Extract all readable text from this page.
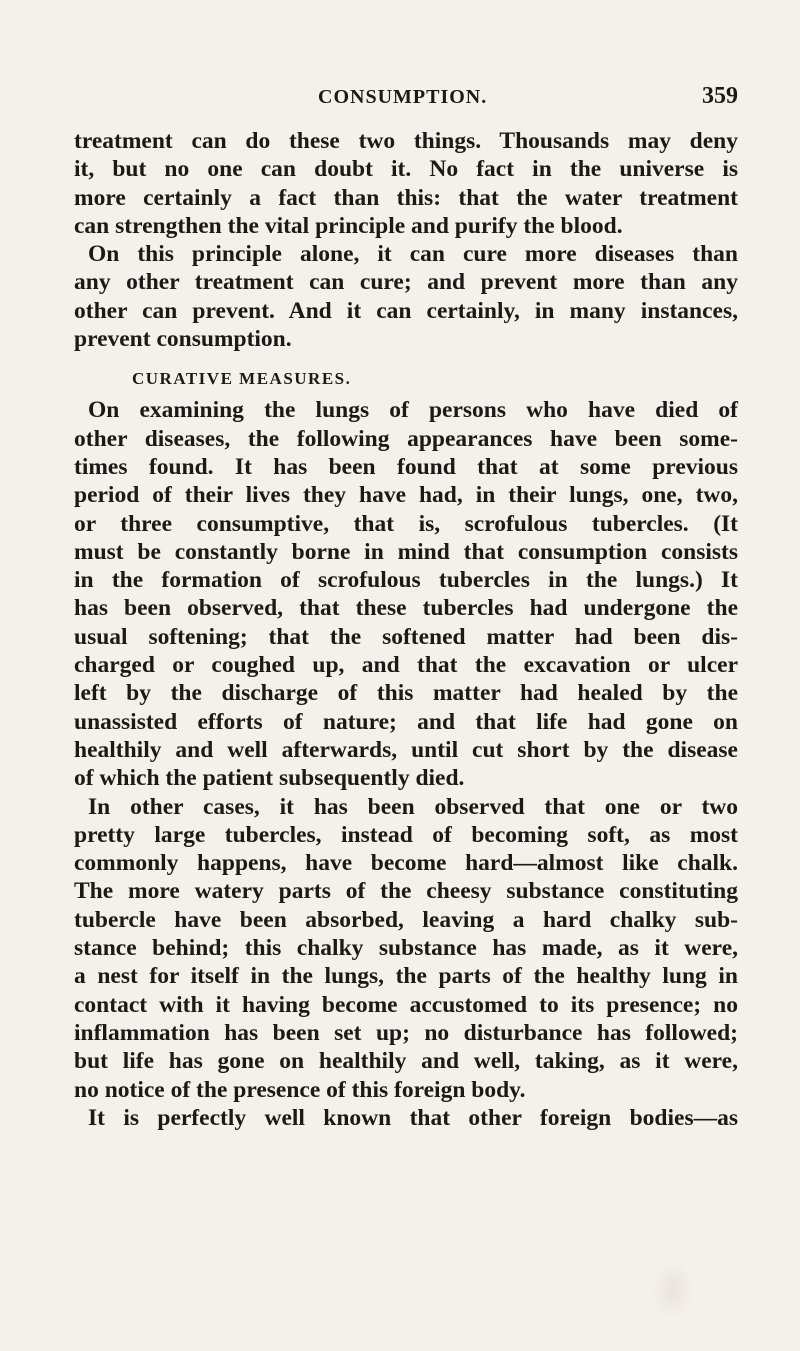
CONSUMPTION.	359
treatment can do these two things. Thousands may deny
it, but no one can doubt it. No fact in the universe is
more certainly a fact than this: that the water treatment
can strengthen the vital principle and purify the blood.
On this principle alone, it can cure more diseases than
any other treatment can cure; and prevent more than any
other can prevent. And it can certainly, in many instances,
prevent consumption.
CURATIVE MEASURES.
On examining the lungs of persons who have died of
other diseases, the following appearances have been some-
times found. It has been found that at some previous
period of their lives they have had, in their lungs, one, two,
or three consumptive, that is, scrofulous tubercles. (It
must be constantly borne in mind that consumption consists
in the formation of scrofulous tubercles in the lungs.) It
has been observed, that these tubercles had undergone the
usual softening; that the softened matter had been dis-
charged or coughed up, and that the excavation or ulcer
left by the discharge of this matter had healed by the
unassisted efforts of nature; and that life had gone on
healthily and well afterwards, until cut short by the disease
of which the patient subsequently died.
In other cases, it has been observed that one or two
pretty large tubercles, instead of becoming soft, as most
commonly happens, have become hard—almost like chalk.
The more watery parts of the cheesy substance constituting
tubercle have been absorbed, leaving a hard chalky sub-
stance behind; this chalky substance has made, as it were,
a nest for itself in the lungs, the parts of the healthy lung in
contact with it having become accustomed to its presence; no
inflammation has been set up; no disturbance has followed;
but life has gone on healthily and well, taking, as it were,
no notice of the presence of this foreign body.
It is perfectly well known that other foreign bodies—as
